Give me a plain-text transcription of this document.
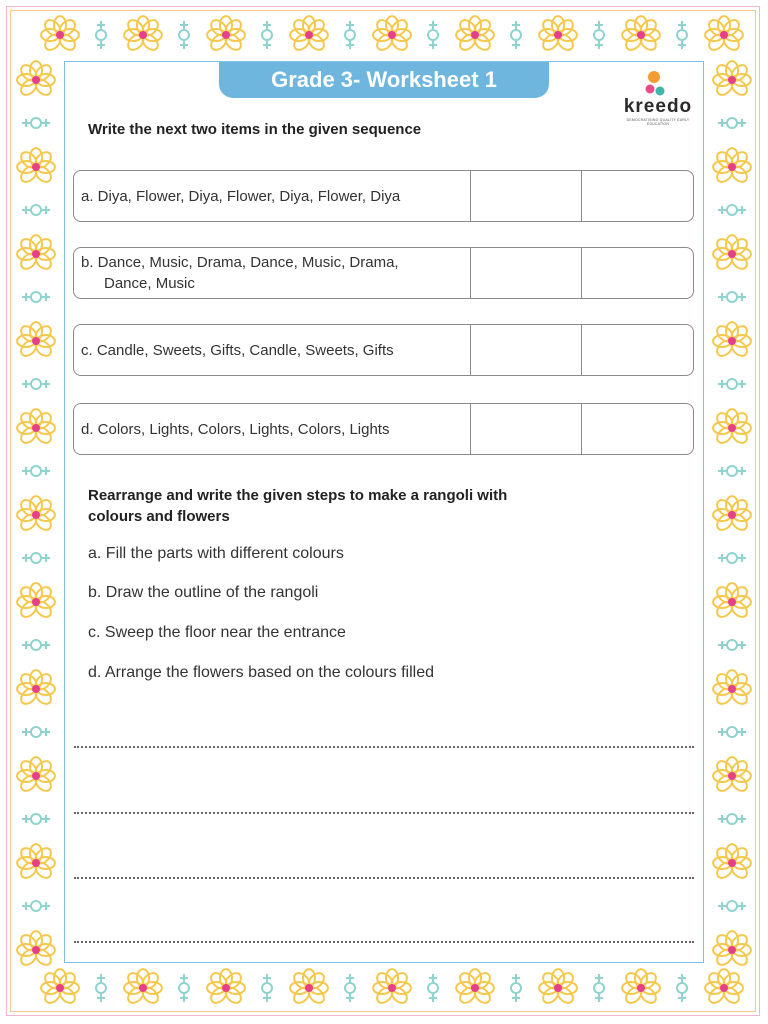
Grade 3- Worksheet 1
kreedo
DEMOCRATISING QUALITY EARLY EDUCATION
Write the next two items in the given sequence
a. Diya, Flower, Diya, Flower, Diya, Flower, Diya
b. Dance, Music, Drama, Dance, Music, Drama,
Dance, Music
c. Candle, Sweets, Gifts, Candle, Sweets, Gifts
d. Colors, Lights, Colors, Lights, Colors, Lights
Rearrange and write the given steps to make a rangoli with
colours and flowers
a. Fill the parts with different colours
b. Draw the outline of the rangoli
c. Sweep the floor near the entrance
d. Arrange the flowers based on the colours filled
